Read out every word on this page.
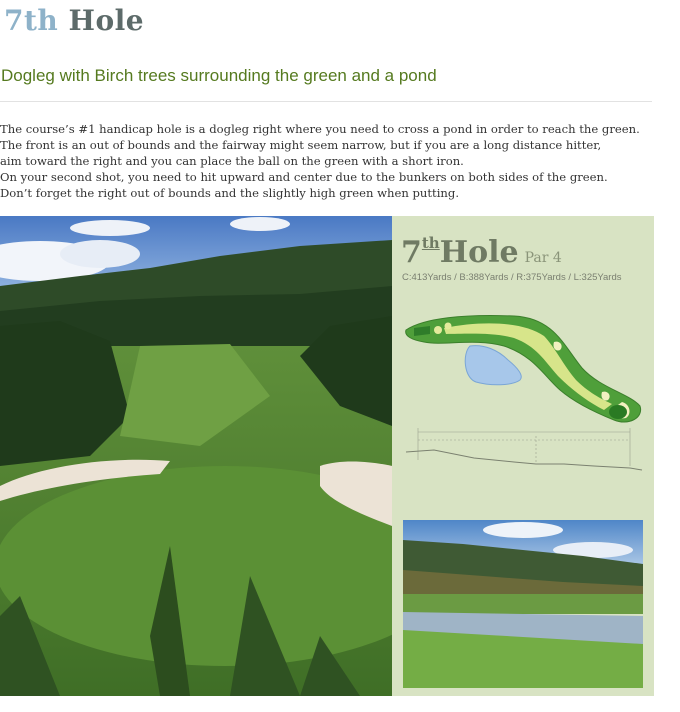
7th Hole
Dogleg with Birch trees surrounding the green and a pond

The course’s #1 handicap hole is a dogleg right where you need to cross a pond in order to reach the green.

The front is an out of bounds and the fairway might seem narrow, but if you are a long distance hitter,

aim toward the right and you can place the ball on the green with a short iron.

On your second shot, you need to hit upward and center due to the bunkers on both sides of the green.

Don’t forget the right out of bounds and the slightly high green when putting.

7thHole Par 4
C:413Yards / B:388Yards / R:375Yards / L:325Yards
